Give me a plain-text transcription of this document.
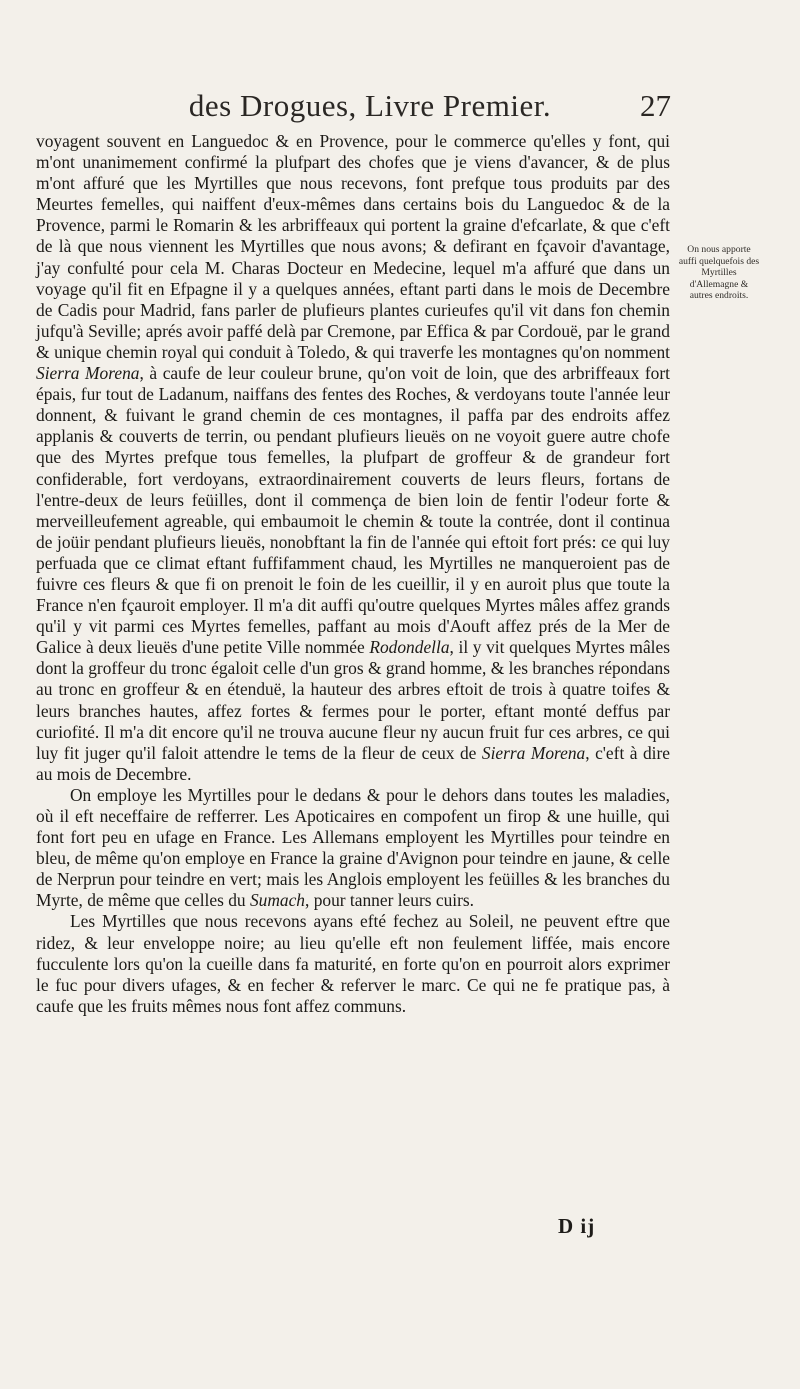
des Drogues, Livre Premier.	27

voyagent souvent en Languedoc & en Provence, pour le commerce qu'elles y font, qui m'ont unanimement confirmé la plufpart des chofes que je viens d'avancer, & de plus m'ont affuré que les Myrtilles que nous recevons, font prefque tous produits par des Meurtes femelles, qui naiffent d'eux-mêmes dans certains bois du Languedoc & de la Provence, parmi le Romarin & les arbriffeaux qui portent la graine d'efcarlate, & que c'eft de là que nous viennent les Myrtilles que nous avons; & defirant en fçavoir d'avantage, j'ay confulté pour cela M. Charas Docteur en Medecine, lequel m'a affuré que dans un voyage qu'il fit en Efpagne il y a quelques années, eftant parti dans le mois de Decembre de Cadis pour Madrid, fans parler de plufieurs plantes curieufes qu'il vit dans fon chemin jufqu'à Seville; aprés avoir paffé delà par Cremone, par Effica & par Cordouë, par le grand & unique chemin royal qui conduit à Toledo, & qui traverfe les montagnes qu'on nomment Sierra Morena, à caufe de leur couleur brune, qu'on voit de loin, que des arbriffeaux fort épais, fur tout de Ladanum, naiffans des fentes des Roches, & verdoyans toute l'année leur donnent, & fuivant le grand chemin de ces montagnes, il paffa par des endroits affez applanis & couverts de terrin, ou pendant plufieurs lieuës on ne voyoit guere autre chofe que des Myrtes prefque tous femelles, la plufpart de groffeur & de grandeur fort confiderable, fort verdoyans, extraordinairement couverts de leurs fleurs, fortans de l'entre-deux de leurs feüilles, dont il commença de bien loin de fentir l'odeur forte & merveilleufement agreable, qui embaumoit le chemin & toute la contrée, dont il continua de joüir pendant plufieurs lieuës, nonobftant la fin de l'année qui eftoit fort prés: ce qui luy perfuada que ce climat eftant fuffifamment chaud, les Myrtilles ne manqueroient pas de fuivre ces fleurs & que fi on prenoit le foin de les cueillir, il y en auroit plus que toute la France n'en fçauroit employer. Il m'a dit auffi qu'outre quelques Myrtes mâles affez grands qu'il y vit parmi ces Myrtes femelles, paffant au mois d'Aouft affez prés de la Mer de Galice à deux lieuës d'une petite Ville nommée Rodondella, il y vit quelques Myrtes mâles dont la groffeur du tronc égaloit celle d'un gros & grand homme, & les branches répondans au tronc en groffeur & en étenduë, la hauteur des arbres eftoit de trois à quatre toifes & leurs branches hautes, affez fortes & fermes pour le porter, eftant monté deffus par curiofité. Il m'a dit encore qu'il ne trouva aucune fleur ny aucun fruit fur ces arbres, ce qui luy fit juger qu'il faloit attendre le tems de la fleur de ceux de Sierra Morena, c'eft à dire au mois de Decembre.

On employe les Myrtilles pour le dedans & pour le dehors dans toutes les maladies, où il eft neceffaire de refferrer. Les Apoticaires en compofent un firop & une huille, qui font fort peu en ufage en France. Les Allemans employent les Myrtilles pour teindre en bleu, de même qu'on employe en France la graine d'Avignon pour teindre en jaune, & celle de Nerprun pour teindre en vert; mais les Anglois employent les feüilles & les branches du Myrte, de même que celles du Sumach, pour tanner leurs cuirs.

Les Myrtilles que nous recevons ayans efté fechez au Soleil, ne peuvent eftre que ridez, & leur enveloppe noire; au lieu qu'elle eft non feulement liffée, mais encore fucculente lors qu'on la cueille dans fa maturité, en forte qu'on en pourroit alors exprimer le fuc pour divers ufages, & en fecher & referver le marc. Ce qui ne fe pratique pas, à caufe que les fruits mêmes nous font affez communs.

On nous apporte auffi quelquefois des Myrtilles d'Allemagne & autres endroits.
D ij
